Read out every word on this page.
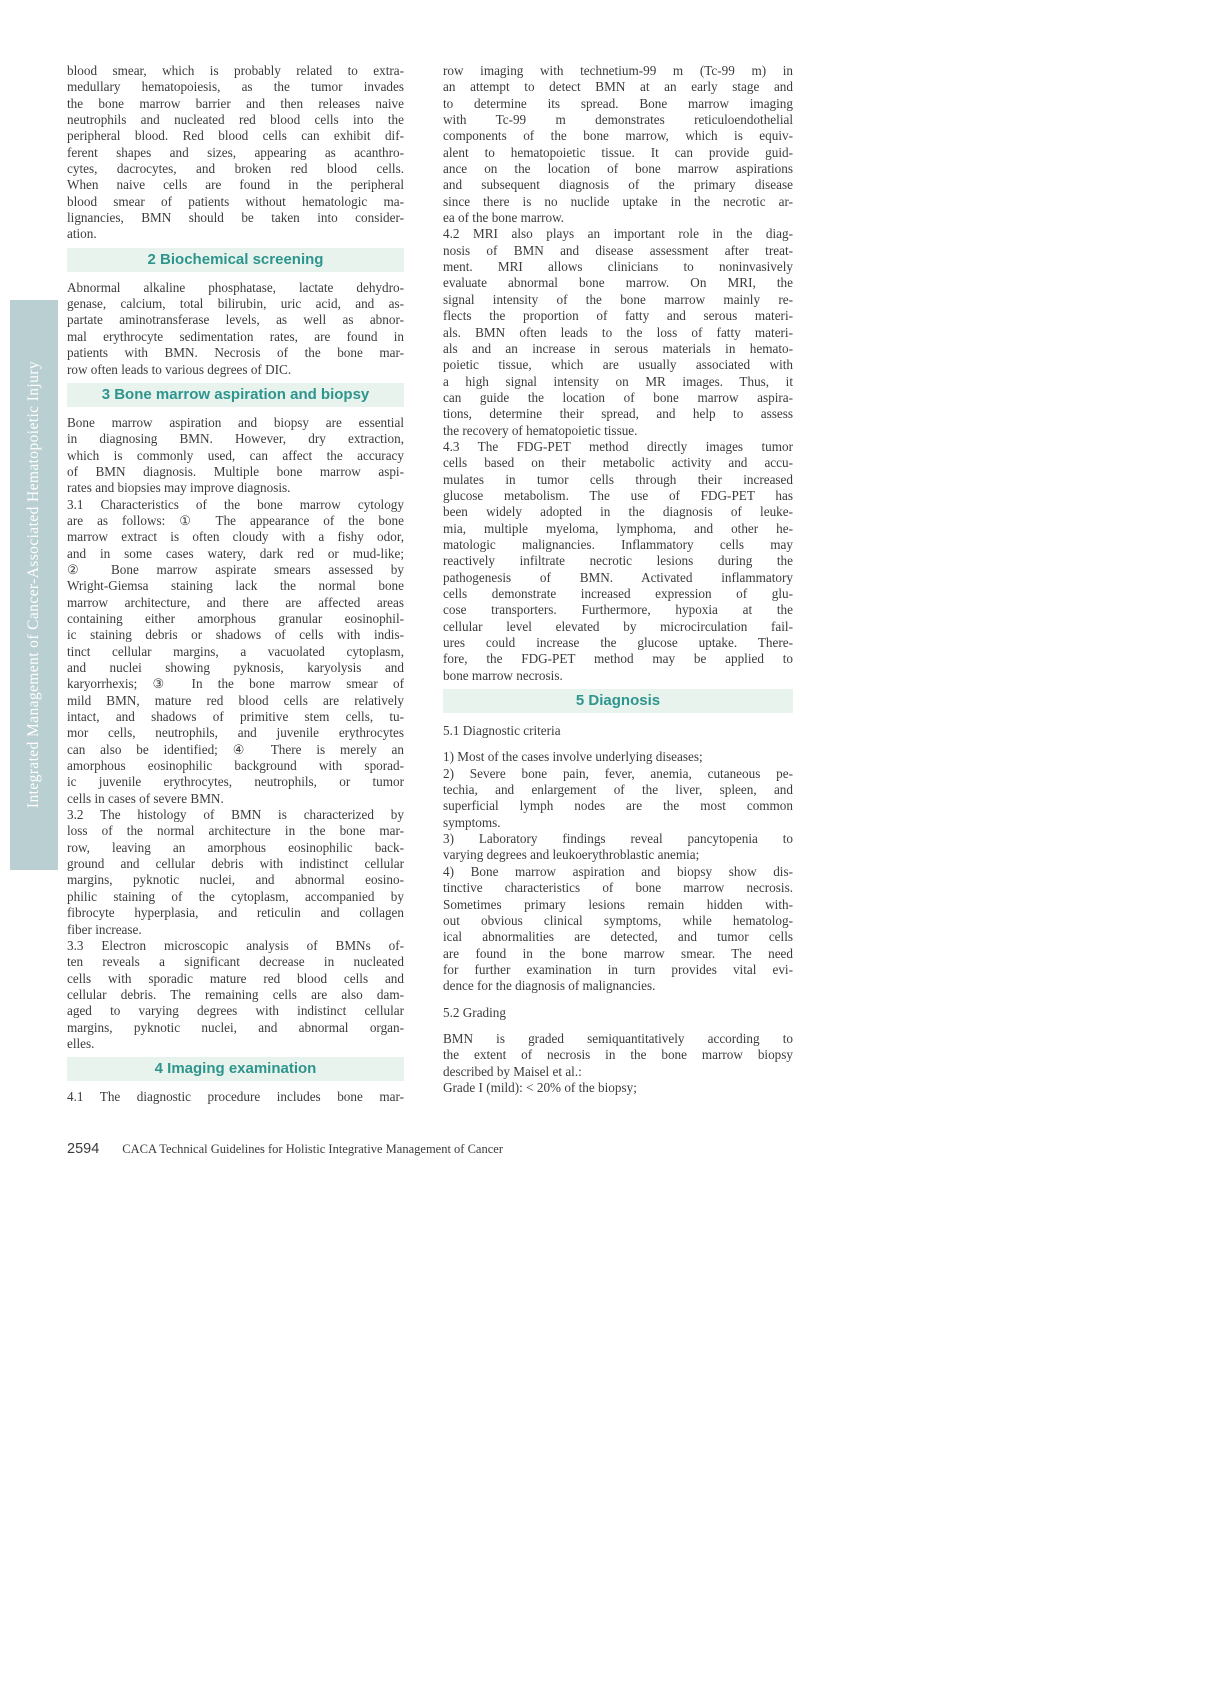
Integrated Management of Cancer-Associated Hematopoietic Injury
blood smear, which is probably related to extra-
medullary hematopoiesis, as the tumor invades
the bone marrow barrier and then releases naive
neutrophils and nucleated red blood cells into the
peripheral blood. Red blood cells can exhibit dif-
ferent shapes and sizes, appearing as acanthro-
cytes, dacrocytes, and broken red blood cells.
When naive cells are found in the peripheral
blood smear of patients without hematologic ma-
lignancies, BMN should be taken into consider-
ation.
2 Biochemical screening
Abnormal alkaline phosphatase, lactate dehydro-
genase, calcium, total bilirubin, uric acid, and as-
partate aminotransferase levels, as well as abnor-
mal erythrocyte sedimentation rates, are found in
patients with BMN. Necrosis of the bone mar-
row often leads to various degrees of DIC.
3 Bone marrow aspiration and biopsy
Bone marrow aspiration and biopsy are essential
in diagnosing BMN. However, dry extraction,
which is commonly used, can affect the accuracy
of BMN diagnosis. Multiple bone marrow aspi-
rates and biopsies may improve diagnosis.
3.1 Characteristics of the bone marrow cytology
are as follows: ① The appearance of the bone
marrow extract is often cloudy with a fishy odor,
and in some cases watery, dark red or mud-like;
② Bone marrow aspirate smears assessed by
Wright-Giemsa staining lack the normal bone
marrow architecture, and there are affected areas
containing either amorphous granular eosinophil-
ic staining debris or shadows of cells with indis-
tinct cellular margins, a vacuolated cytoplasm,
and nuclei showing pyknosis, karyolysis and
karyorrhexis; ③ In the bone marrow smear of
mild BMN, mature red blood cells are relatively
intact, and shadows of primitive stem cells, tu-
mor cells, neutrophils, and juvenile erythrocytes
can also be identified; ④ There is merely an
amorphous eosinophilic background with sporad-
ic juvenile erythrocytes, neutrophils, or tumor
cells in cases of severe BMN.
3.2 The histology of BMN is characterized by
loss of the normal architecture in the bone mar-
row, leaving an amorphous eosinophilic back-
ground and cellular debris with indistinct cellular
margins, pyknotic nuclei, and abnormal eosino-
philic staining of the cytoplasm, accompanied by
fibrocyte hyperplasia, and reticulin and collagen
fiber increase.
3.3 Electron microscopic analysis of BMNs of-
ten reveals a significant decrease in nucleated
cells with sporadic mature red blood cells and
cellular debris. The remaining cells are also dam-
aged to varying degrees with indistinct cellular
margins, pyknotic nuclei, and abnormal organ-
elles.
4 Imaging examination
4.1 The diagnostic procedure includes bone mar-
row imaging with technetium-99 m (Tc-99 m) in
an attempt to detect BMN at an early stage and
to determine its spread. Bone marrow imaging
with Tc-99 m demonstrates reticuloendothelial
components of the bone marrow, which is equiv-
alent to hematopoietic tissue. It can provide guid-
ance on the location of bone marrow aspirations
and subsequent diagnosis of the primary disease
since there is no nuclide uptake in the necrotic ar-
ea of the bone marrow.
4.2 MRI also plays an important role in the diag-
nosis of BMN and disease assessment after treat-
ment. MRI allows clinicians to noninvasively
evaluate abnormal bone marrow. On MRI, the
signal intensity of the bone marrow mainly re-
flects the proportion of fatty and serous materi-
als. BMN often leads to the loss of fatty materi-
als and an increase in serous materials in hemato-
poietic tissue, which are usually associated with
a high signal intensity on MR images. Thus, it
can guide the location of bone marrow aspira-
tions, determine their spread, and help to assess
the recovery of hematopoietic tissue.
4.3 The FDG-PET method directly images tumor
cells based on their metabolic activity and accu-
mulates in tumor cells through their increased
glucose metabolism. The use of FDG-PET has
been widely adopted in the diagnosis of leuke-
mia, multiple myeloma, lymphoma, and other he-
matologic malignancies. Inflammatory cells may
reactively infiltrate necrotic lesions during the
pathogenesis of BMN. Activated inflammatory
cells demonstrate increased expression of glu-
cose transporters. Furthermore, hypoxia at the
cellular level elevated by microcirculation fail-
ures could increase the glucose uptake. There-
fore, the FDG-PET method may be applied to
bone marrow necrosis.
5 Diagnosis
5.1 Diagnostic criteria
1) Most of the cases involve underlying diseases;
2) Severe bone pain, fever, anemia, cutaneous pe-
techia, and enlargement of the liver, spleen, and
superficial lymph nodes are the most common
symptoms.
3) Laboratory findings reveal pancytopenia to
varying degrees and leukoerythroblastic anemia;
4) Bone marrow aspiration and biopsy show dis-
tinctive characteristics of bone marrow necrosis.
Sometimes primary lesions remain hidden with-
out obvious clinical symptoms, while hematolog-
ical abnormalities are detected, and tumor cells
are found in the bone marrow smear. The need
for further examination in turn provides vital evi-
dence for the diagnosis of malignancies.
5.2 Grading
BMN is graded semiquantitatively according to
the extent of necrosis in the bone marrow biopsy
described by Maisel et al.:
Grade I (mild): < 20% of the biopsy;
2594 CACA Technical Guidelines for Holistic Integrative Management of Cancer
